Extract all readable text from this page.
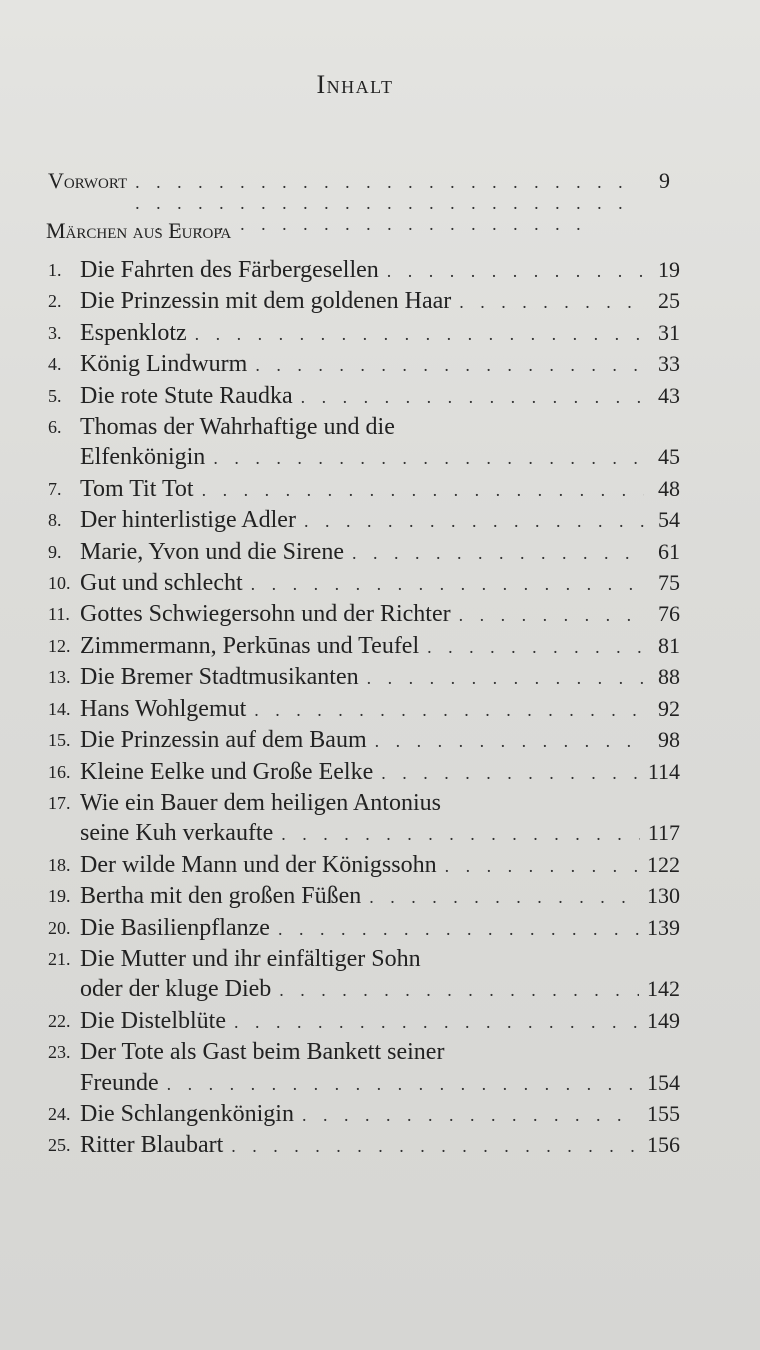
Inhalt
Vorwort . . .	9
Märchen aus Europa
1. Die Fahrten des Färbergesellen . . .	19
2. Die Prinzessin mit dem goldenen Haar . . .	25
3. Espenklotz . . .	31
4. König Lindwurm . . .	33
5. Die rote Stute Raudka . . .	43
6. Thomas der Wahrhaftige und die
Elfenkönigin . . .	45
7. Tom Tit Tot . . .	48
8. Der hinterlistige Adler . . .	54
9. Marie, Yvon und die Sirene . . .	61
10. Gut und schlecht . . .	75
11. Gottes Schwiegersohn und der Richter . . .	76
12. Zimmermann, Perkūnas und Teufel . . .	81
13. Die Bremer Stadtmusikanten . . .	88
14. Hans Wohlgemut . . .	92
15. Die Prinzessin auf dem Baum . . .	98
16. Kleine Eelke und Große Eelke . . .	114
17. Wie ein Bauer dem heiligen Antonius
seine Kuh verkaufte . . .	117
18. Der wilde Mann und der Königssohn . . .	122
19. Bertha mit den großen Füßen . . .	130
20. Die Basilienpflanze . . .	139
21. Die Mutter und ihr einfältiger Sohn
oder der kluge Dieb . . .	142
22. Die Distelblüte . . .	149
23. Der Tote als Gast beim Bankett seiner
Freunde . . .	154
24. Die Schlangenkönigin . . .	155
25. Ritter Blaubart . . .	156
